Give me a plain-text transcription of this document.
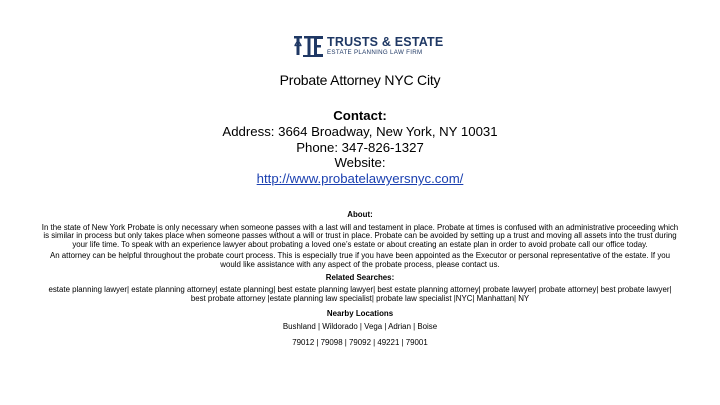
TRUSTS & ESTATE
ESTATE PLANNING LAW FIRM
Probate Attorney NYC City
Contact:
Address: 3664 Broadway, New York, NY 10031
Phone: 347-826-1327
Website:
http://www.probatelawyersnyc.com/
About:

In the state of New York Probate is only necessary when someone passes with a last will and testament in place. Probate at times is confused with an administrative proceeding which is similar in process but only takes place when someone passes without a will or trust in place. Probate can be avoided by setting up a trust and moving all assets into the trust during your life time. To speak with an experience lawyer about probating a loved one’s estate or about creating an estate plan in order to avoid probate call our office today.

An attorney can be helpful throughout the probate court process. This is especially true if you have been appointed as the Executor or personal representative of the estate. If you would like assistance with any aspect of the probate process, please contact us.

Related Searches:

estate planning lawyer| estate planning attorney| estate planning| best estate planning lawyer| best estate planning attorney| probate lawyer| probate attorney| best probate lawyer| best probate attorney |estate planning law specialist| probate law specialist |NYC| Manhattan| NY

Nearby Locations

Bushland | Wildorado | Vega | Adrian | Boise

79012 | 79098 | 79092 | 49221 | 79001
